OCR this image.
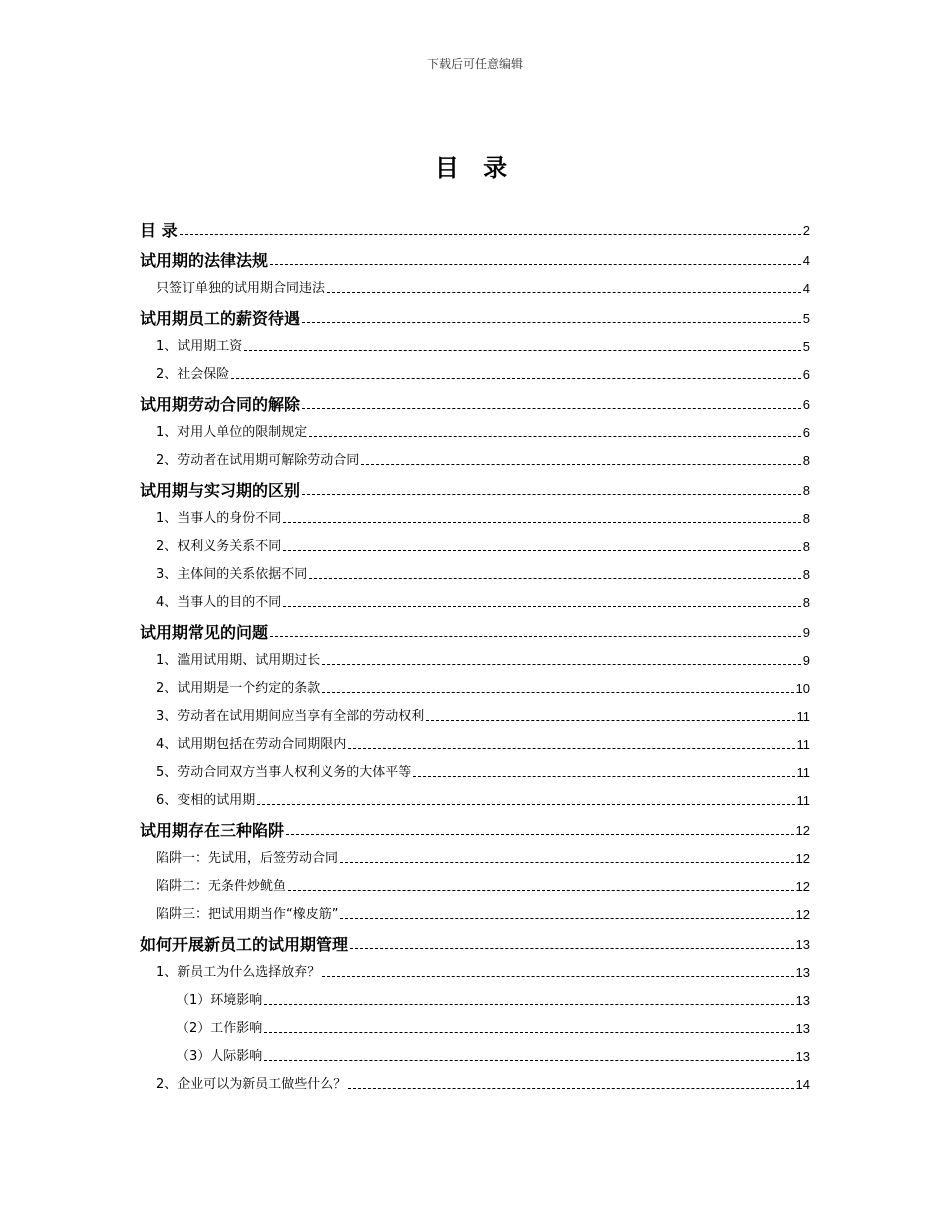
下载后可任意编辑
目 录
目 录	2
试用期的法律法规	4
只签订单独的试用期合同违法	4
试用期员工的薪资待遇	5
1、试用期工资	5
2、社会保险	6
试用期劳动合同的解除	6
1、对用人单位的限制规定	6
2、劳动者在试用期可解除劳动合同	8
试用期与实习期的区别	8
1、当事人的身份不同	8
2、权利义务关系不同	8
3、主体间的关系依据不同	8
4、当事人的目的不同	8
试用期常见的问题	9
1、滥用试用期、试用期过长	9
2、试用期是一个约定的条款	10
3、劳动者在试用期间应当享有全部的劳动权利	11
4、试用期包括在劳动合同期限内	11
5、劳动合同双方当事人权利义务的大体平等	11
6、变相的试用期	11
试用期存在三种陷阱	12
陷阱一：先试用，后签劳动合同	12
陷阱二：无条件炒鱿鱼	12
陷阱三：把试用期当作“橡皮筋”	12
如何开展新员工的试用期管理	13
1、新员工为什么选择放弃？	13
（1）环境影响	13
（2）工作影响	13
（3）人际影响	13
2、企业可以为新员工做些什么？	14
